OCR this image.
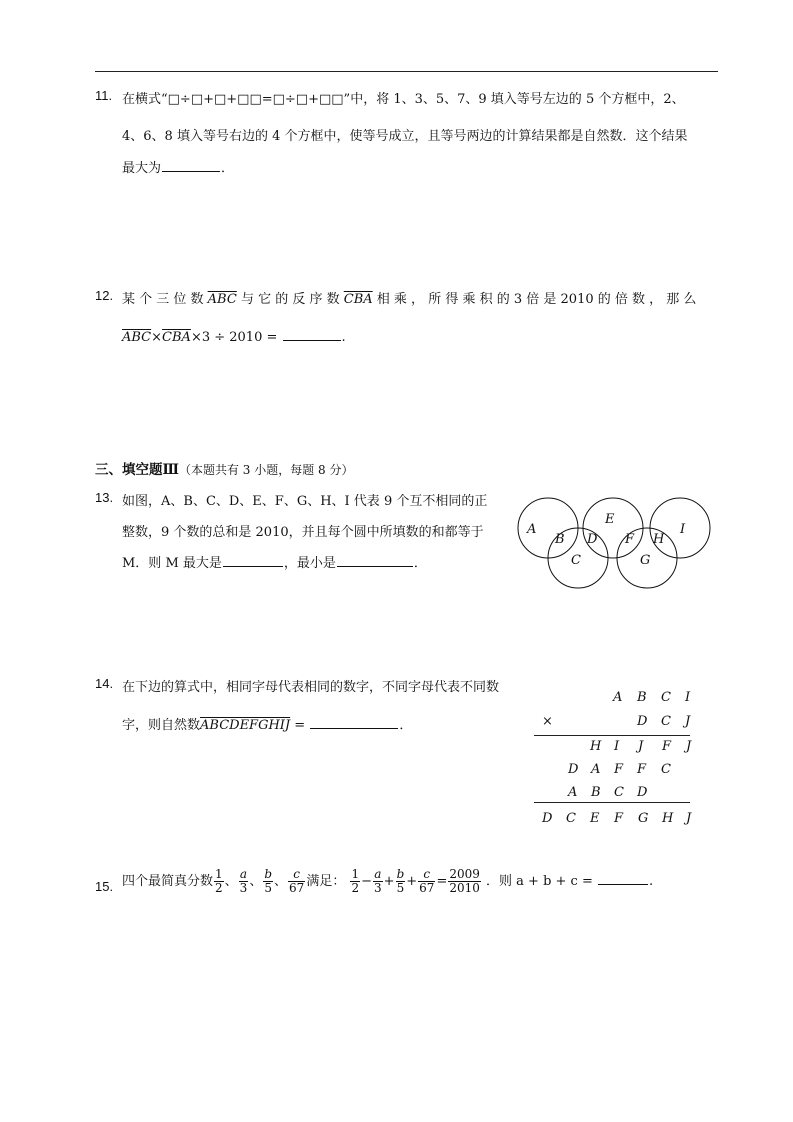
11. 在横式“□÷□+□+□□=□÷□+□□”中，将 1、3、5、7、9 填入等号左边的 5 个方框中，2、
4、6、8 填入等号右边的 4 个方框中，使等号成立，且等号两边的计算结果都是自然数．这个结果
最大为	．
12. 某 个 三 位 数 $\overline{ABC}$ 与 它 的 反 序 数 $\overline{CBA}$ 相 乘 ， 所 得 乘 积 的 3 倍 是 2010 的 倍 数 ， 那 么
$\overline{ABC}\times\overline{CBA}\times 3 \div 2010$ =	.
三、填空题Ⅲ（本题共有 3 小题，每题 8 分）
13. 如图，A、B、C、D、E、F、G、H、I 代表 9 个互不相同的正
整数，9 个数的总和是 2010，并且每个圆中所填数的和都等于
M．则 M 最大是	，最小是	．
A
B
C
D
E
F
G
H
I
14. 在下边的算式中，相同字母代表相同的数字，不同字母代表不同数
字，则自然数ABCDEFGHIJ =	．
A B C I
×	D C J
H I J F J
D A F F C
A B C D
D C E F G H J
15. 四个最简真分数 $\frac{1}{2}$ 、 $\frac{a}{3}$ 、 $\frac{b}{5}$ 、 $\frac{c}{67}$ 满足： $\frac{1}{2} - \frac{a}{3} + \frac{b}{5} + \frac{c}{67} = \frac{2009}{2010}$ ．则 a + b + c =	.
